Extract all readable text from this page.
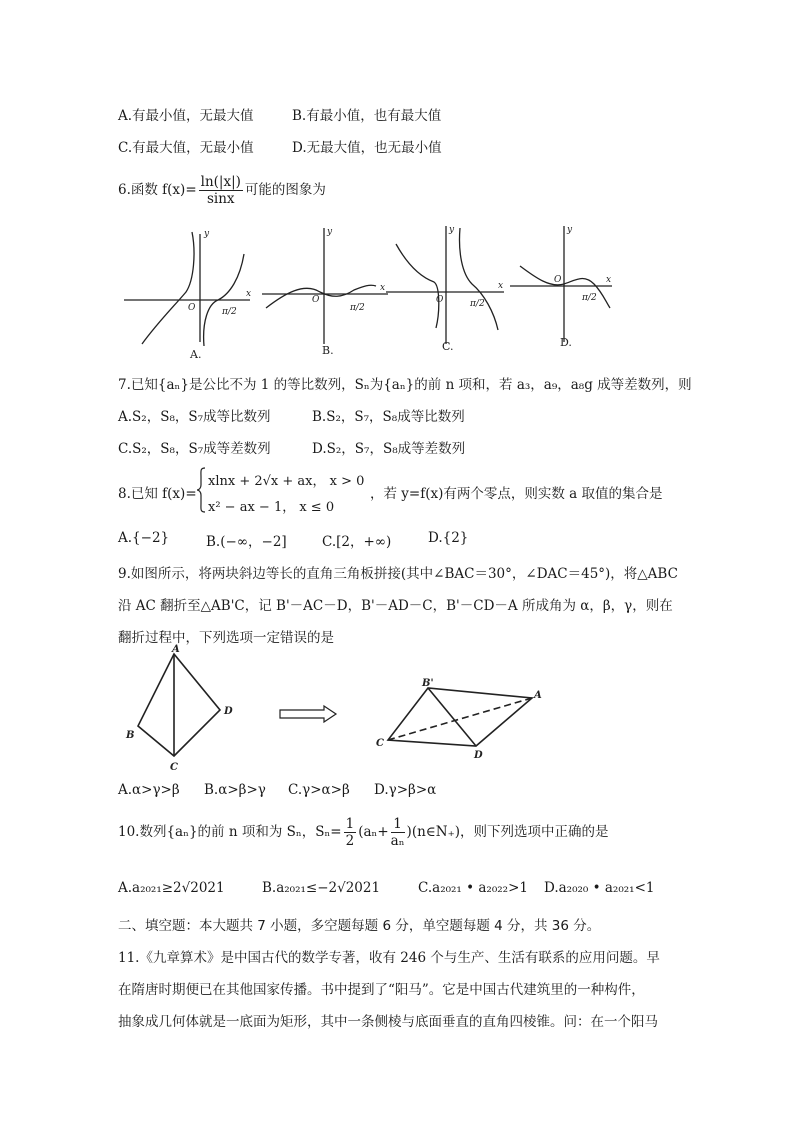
A.有最小值，无最大值	B.有最小值，也有最大值
C.有最大值，无最小值	D.无最大值，也无最小值
6.函数 $f(x)= \frac{\ln(|x|)}{\sin x}$ 可能的图象为
y
x
O	π/2
y
x
O
π/2
y
x
O	π/2
y
x
O
π/2
A.	B.	C.	D.
7.已知{aₙ}是公比不为 1 的等比数列，Sₙ为{aₙ}的前 n 项和，若 a₃，a₉，a₈g 成等差数列，则
A.S₂，S₈，S₇成等比数列	B.S₂，S₇，S₈成等比数列
C.S₂，S₈，S₇成等差数列	D.S₂，S₇，S₈成等差数列
8.已知 f(x)=
xlnx + 2√x + ax， x > 0
x² − ax − 1， x ≤ 0
，若 y=f(x)有两个零点，则实数 a 取值的集合是
A.{−2}	B.(−∞，−2]	C.[2，+∞)	D.{2}
9.如图所示，将两块斜边等长的直角三角板拼接(其中∠BAC＝30°，∠DAC＝45°)，将△ABC
沿 AC 翻折至△AB'C，记 B'－AC－D，B'－AD－C，B'－CD－A 所成角为 α，β，γ，则在
翻折过程中，下列选项一定错误的是
A
B
C
D
B'
A
C
D
A.α>γ>β B.α>β>γ C.γ>α>β D.γ>β>α
10.数列{aₙ}的前 n 项和为 Sₙ，$S_n= \frac{1}{2} (a_n+ \frac{1}{\text{aₙ}}$ )(n∈N₊)，则下列选项中正确的是
A.a₂₀₂₁≥2√2021	B.a₂₀₂₁≤−2√2021	C.a₂₀₂₁ • a₂₀₂₂>1 D.a₂₀₂₀ • a₂₀₂₁<1
二、填空题：本大题共 7 小题，多空题每题 6 分，单空题每题 4 分，共 36 分。
11.《九章算术》是中国古代的数学专著，收有 246 个与生产、生活有联系的应用问题。早
在隋唐时期便已在其他国家传播。书中提到了“阳马”。它是中国古代建筑里的一种构件，
抽象成几何体就是一底面为矩形，其中一条侧棱与底面垂直的直角四棱锥。问：在一个阳马
